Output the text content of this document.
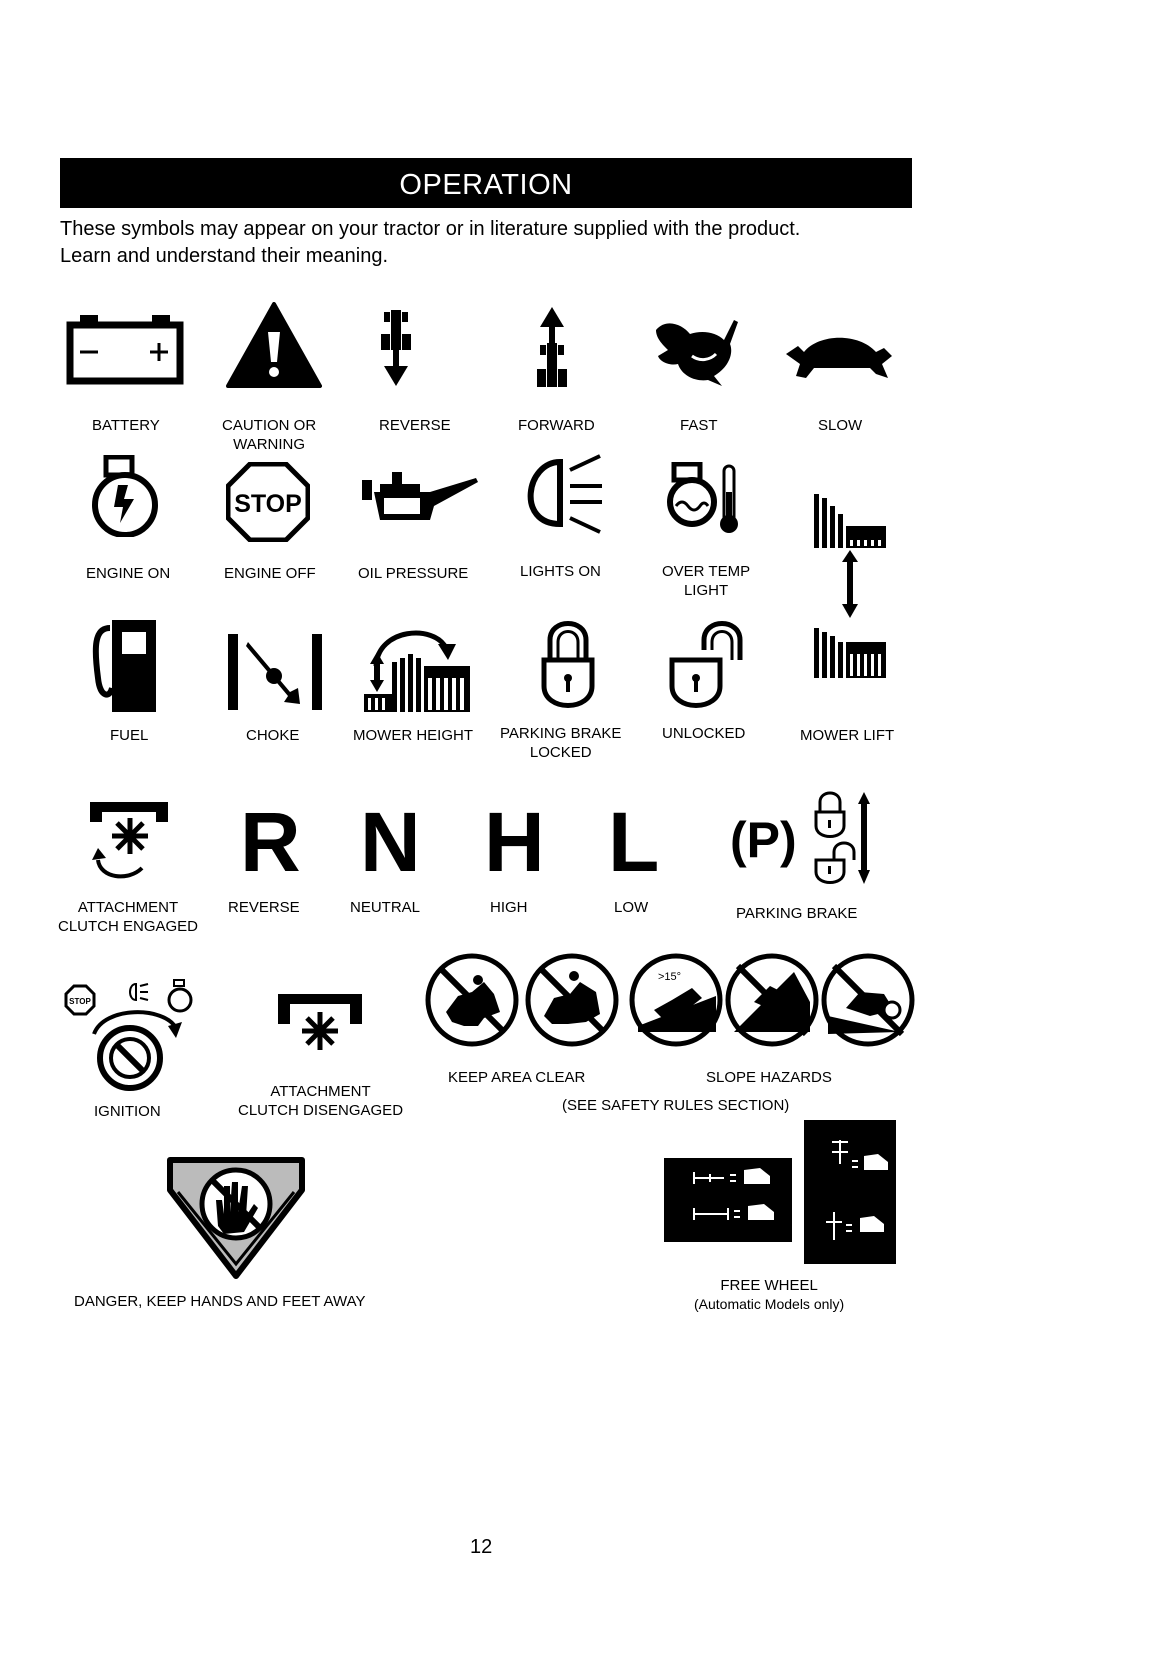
OPERATION
These symbols may appear on your tractor or in literature supplied with the product.
Learn and understand their meaning.
BATTERY	CAUTION OR
WARNING
REVERSE	FORWARD	FAST	SLOW
STOP
ENGINE ON	ENGINE OFF	OIL PRESSURE	LIGHTS ON	OVER TEMP
LIGHT
FUEL	CHOKE	MOWER HEIGHT PARKING BRAKE
LOCKED
UNLOCKED	MOWER LIFT
R N H L (P)
ATTACHMENT
CLUTCH ENGAGED
REVERSE	NEUTRAL	HIGH	LOW	PARKING BRAKE
STOP
>15°
IGNITION
ATTACHMENT
CLUTCH DISENGAGED
KEEP AREA CLEAR	SLOPE HAZARDS
(SEE SAFETY RULES SECTION)
DANGER, KEEP HANDS AND FEET AWAY
FREE WHEEL
(Automatic Models only)
12
